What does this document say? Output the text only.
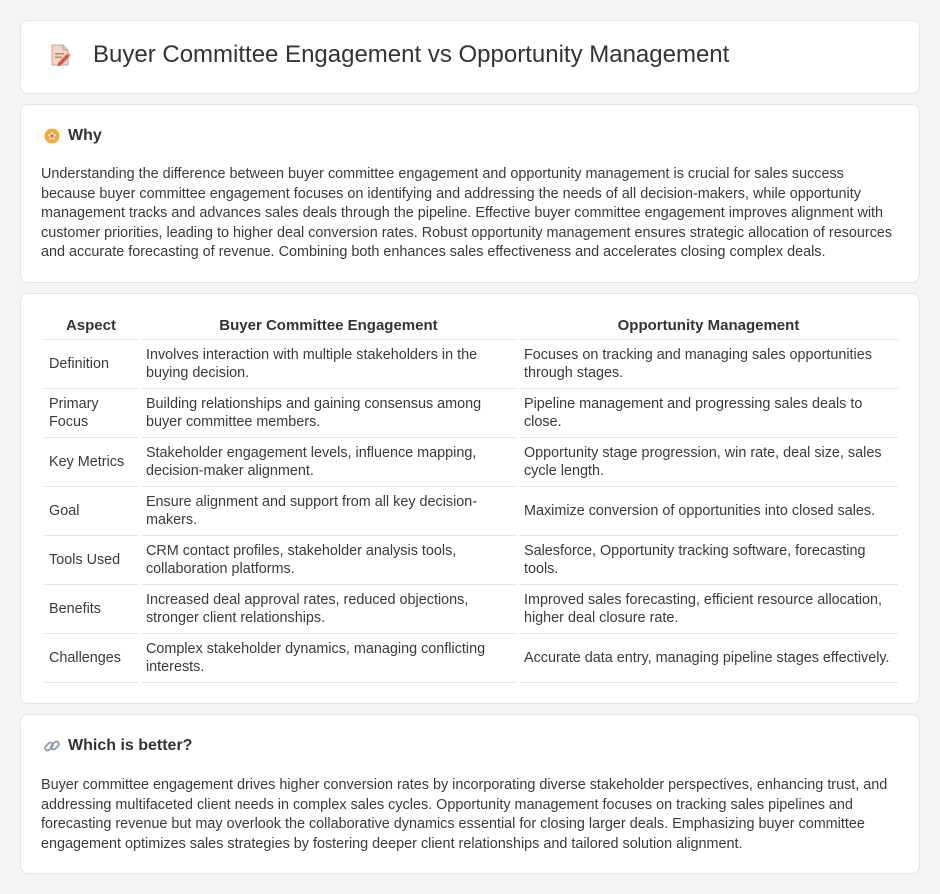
Buyer Committee Engagement vs Opportunity Management
Why

Understanding the difference between buyer committee engagement and opportunity management is crucial for sales success because buyer committee engagement focuses on identifying and addressing the needs of all decision-makers, while opportunity management tracks and advances sales deals through the pipeline. Effective buyer committee engagement improves alignment with customer priorities, leading to higher deal conversion rates. Robust opportunity management ensures strategic allocation of resources and accurate forecasting of revenue. Combining both enhances sales effectiveness and accelerates closing complex deals.

Aspect	Buyer Committee Engagement	Opportunity Management
Definition	Involves interaction with multiple stakeholders in the buying decision.	Focuses on tracking and managing sales opportunities through stages.
Primary Focus	Building relationships and gaining consensus among buyer committee members.	Pipeline management and progressing sales deals to close.
Key Metrics	Stakeholder engagement levels, influence mapping, decision-maker alignment.	Opportunity stage progression, win rate, deal size, sales cycle length.
Goal	Ensure alignment and support from all key decision-makers.	Maximize conversion of opportunities into closed sales.
Tools Used	CRM contact profiles, stakeholder analysis tools, collaboration platforms.	Salesforce, Opportunity tracking software, forecasting tools.
Benefits	Increased deal approval rates, reduced objections, stronger client relationships.	Improved sales forecasting, efficient resource allocation, higher deal closure rate.
Challenges	Complex stakeholder dynamics, managing conflicting interests.	Accurate data entry, managing pipeline stages effectively.
Which is better?

Buyer committee engagement drives higher conversion rates by incorporating diverse stakeholder perspectives, enhancing trust, and addressing multifaceted client needs in complex sales cycles. Opportunity management focuses on tracking sales pipelines and forecasting revenue but may overlook the collaborative dynamics essential for closing larger deals. Emphasizing buyer committee engagement optimizes sales strategies by fostering deeper client relationships and tailored solution alignment.
